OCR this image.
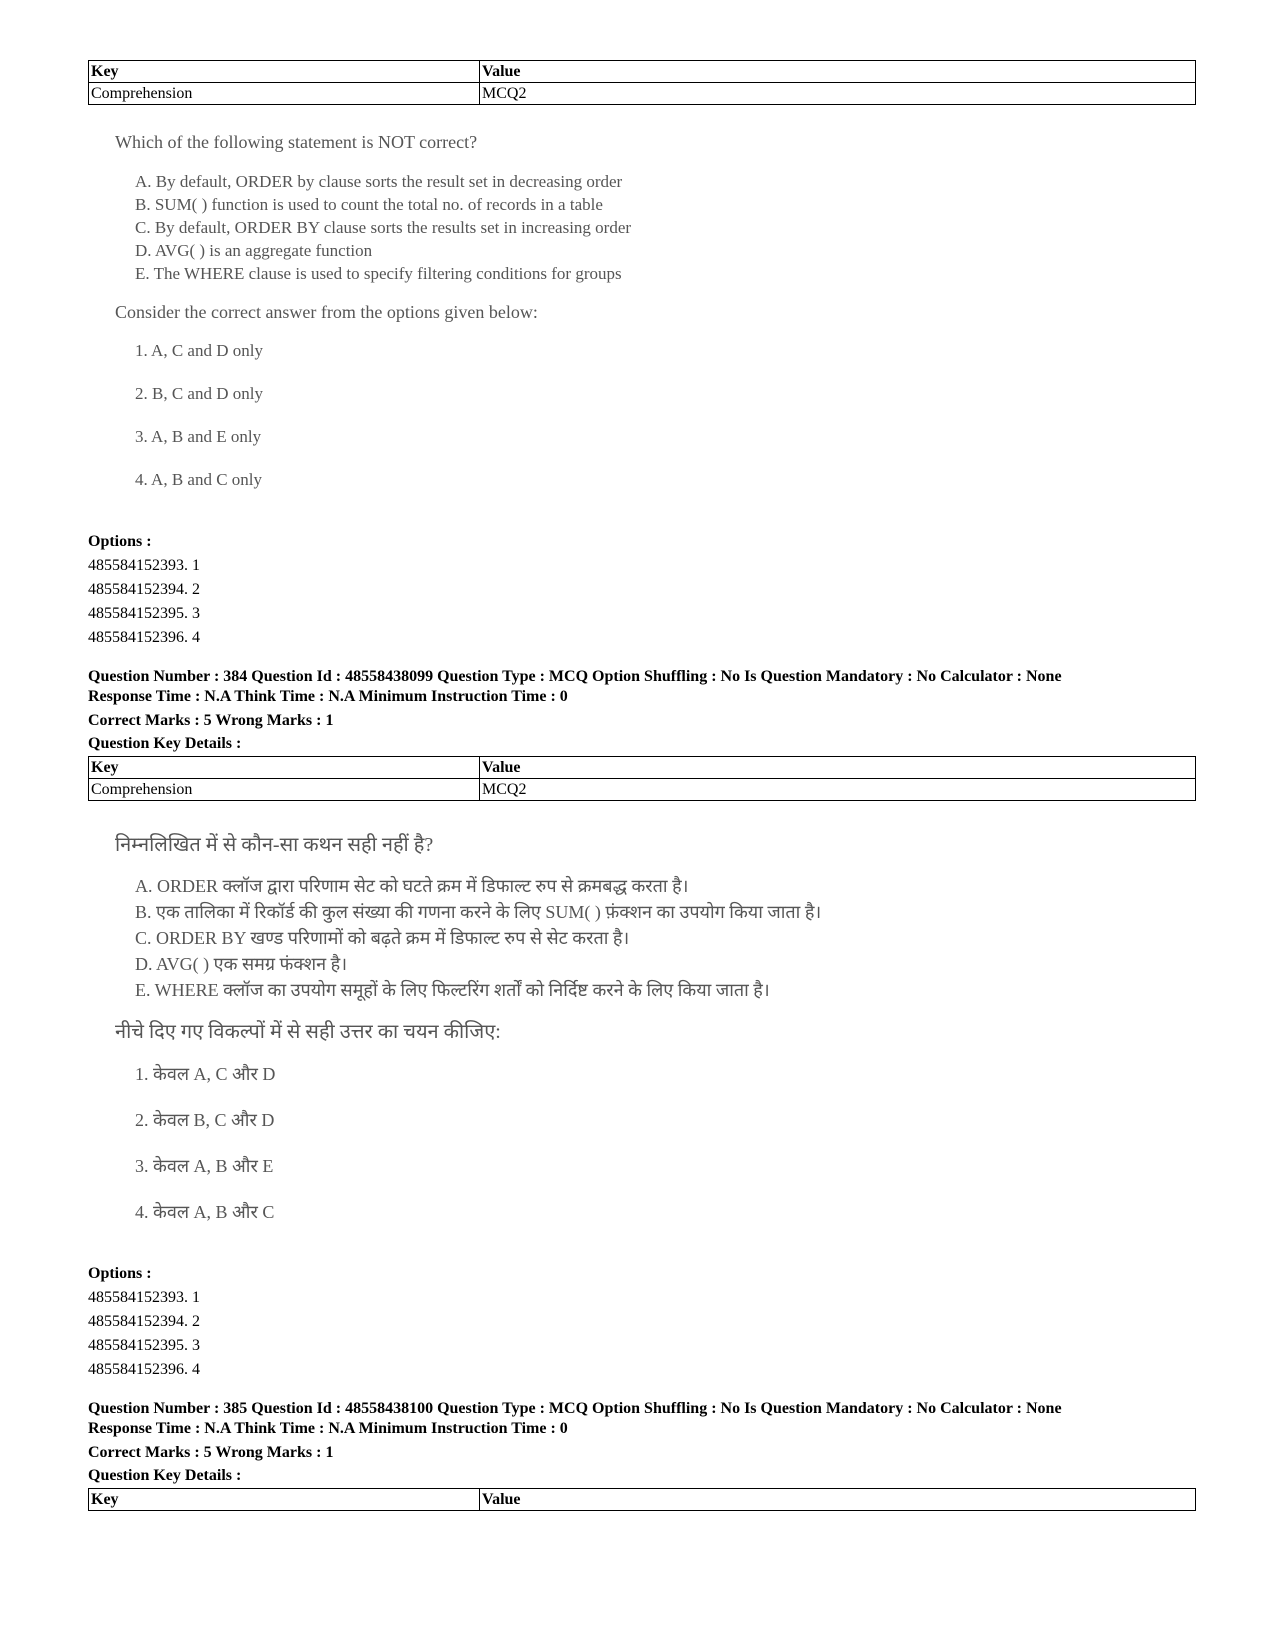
Key	Value
Comprehension	MCQ2

Which of the following statement is NOT correct?

A. By default, ORDER by clause sorts the result set in decreasing order
B. SUM( ) function is used to count the total no. of records in a table
C. By default, ORDER BY clause sorts the results set in increasing order
D. AVG( ) is an aggregate function
E. The WHERE clause is used to specify filtering conditions for groups

Consider the correct answer from the options given below:

1. A, C and D only
2. B, C and D only
3. A, B and E only
4. A, B and C only
Options :
485584152393. 1
485584152394. 2
485584152395. 3
485584152396. 4
Question Number : 384 Question Id : 48558438099 Question Type : MCQ Option Shuffling : No Is Question Mandatory : No Calculator : None
Response Time : N.A Think Time : N.A Minimum Instruction Time : 0
Correct Marks : 5 Wrong Marks : 1
Question Key Details :
Key	Value
Comprehension	MCQ2

निम्नलिखित में से कौन-सा कथन सही नहीं है?

A. ORDER क्लॉज द्वारा परिणाम सेट को घटते क्रम में डिफाल्ट रुप से क्रमबद्ध करता है।
B. एक तालिका में रिकॉर्ड की कुल संख्या की गणना करने के लिए SUM( ) फ़ंक्शन का उपयोग किया जाता है।
C. ORDER BY खण्ड परिणामों को बढ़ते क्रम में डिफाल्ट रुप से सेट करता है।
D. AVG( ) एक समग्र फंक्शन है।
E. WHERE क्लॉज का उपयोग समूहों के लिए फिल्टरिंग शर्तों को निर्दिष्ट करने के लिए किया जाता है।

नीचे दिए गए विकल्पों में से सही उत्तर का चयन कीजिए:

1. केवल A, C और D
2. केवल B, C और D
3. केवल A, B और E
4. केवल A, B और C
Options :
485584152393. 1
485584152394. 2
485584152395. 3
485584152396. 4
Question Number : 385 Question Id : 48558438100 Question Type : MCQ Option Shuffling : No Is Question Mandatory : No Calculator : None
Response Time : N.A Think Time : N.A Minimum Instruction Time : 0
Correct Marks : 5 Wrong Marks : 1
Question Key Details :
Key	Value
